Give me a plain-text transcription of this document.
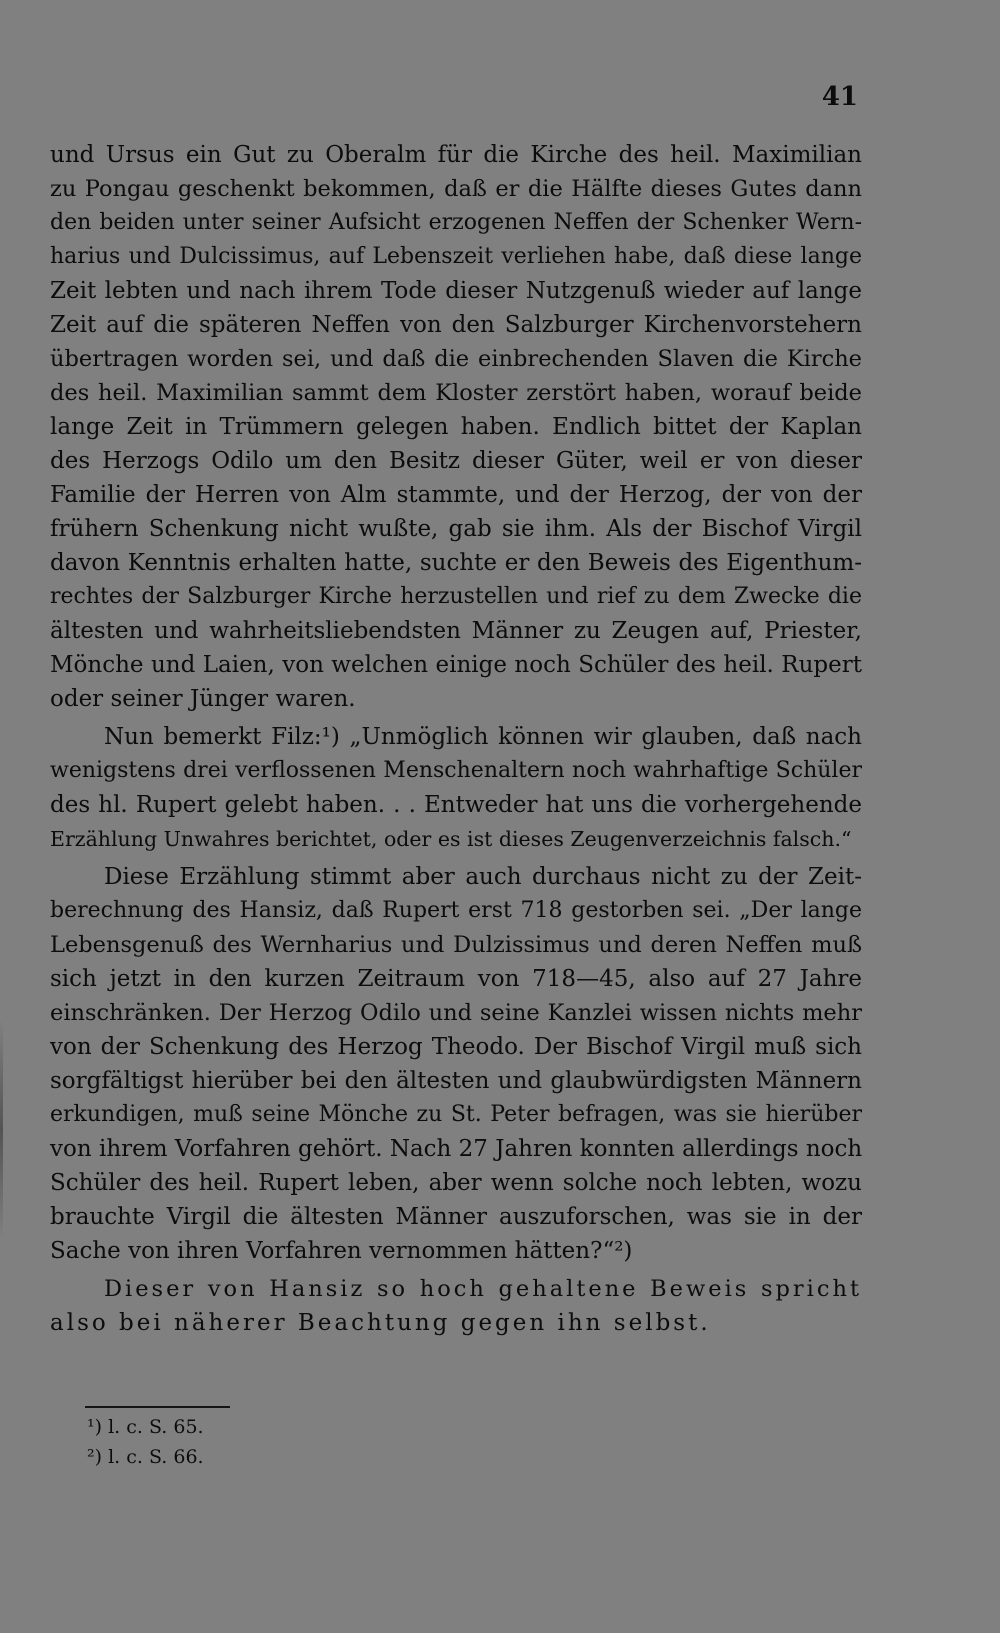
41
und Ursus ein Gut zu Oberalm für die Kirche des heil. Maximilian
zu Pongau geschenkt bekommen, daß er die Hälfte dieses Gutes dann
den beiden unter seiner Aufsicht erzogenen Neffen der Schenker Wern-
harius und Dulcissimus, auf Lebenszeit verliehen habe, daß diese lange
Zeit lebten und nach ihrem Tode dieser Nutzgenuß wieder auf lange
Zeit auf die späteren Neffen von den Salzburger Kirchenvorstehern
übertragen worden sei, und daß die einbrechenden Slaven die Kirche
des heil. Maximilian sammt dem Kloster zerstört haben, worauf beide
lange Zeit in Trümmern gelegen haben. Endlich bittet der Kaplan
des Herzogs Odilo um den Besitz dieser Güter, weil er von dieser
Familie der Herren von Alm stammte, und der Herzog, der von der
frühern Schenkung nicht wußte, gab sie ihm. Als der Bischof Virgil
davon Kenntnis erhalten hatte, suchte er den Beweis des Eigenthum-
rechtes der Salzburger Kirche herzustellen und rief zu dem Zwecke die
ältesten und wahrheitsliebendsten Männer zu Zeugen auf, Priester,
Mönche und Laien, von welchen einige noch Schüler des heil. Rupert
oder seiner Jünger waren.
Nun bemerkt Filz:¹) „Unmöglich können wir glauben, daß nach
wenigstens drei verflossenen Menschenaltern noch wahrhaftige Schüler
des hl. Rupert gelebt haben. . . Entweder hat uns die vorhergehende
Erzählung Unwahres berichtet, oder es ist dieses Zeugenverzeichnis falsch.“
Diese Erzählung stimmt aber auch durchaus nicht zu der Zeit-
berechnung des Hansiz, daß Rupert erst 718 gestorben sei. „Der lange
Lebensgenuß des Wernharius und Dulzissimus und deren Neffen muß
sich jetzt in den kurzen Zeitraum von 718—45, also auf 27 Jahre
einschränken. Der Herzog Odilo und seine Kanzlei wissen nichts mehr
von der Schenkung des Herzog Theodo. Der Bischof Virgil muß sich
sorgfältigst hierüber bei den ältesten und glaubwürdigsten Männern
erkundigen, muß seine Mönche zu St. Peter befragen, was sie hierüber
von ihrem Vorfahren gehört. Nach 27 Jahren konnten allerdings noch
Schüler des heil. Rupert leben, aber wenn solche noch lebten, wozu
brauchte Virgil die ältesten Männer auszuforschen, was sie in der
Sache von ihren Vorfahren vernommen hätten?“²)
Dieser von Hansiz so hoch gehaltene Beweis spricht
also bei näherer Beachtung gegen ihn selbst.
¹) l. c. S. 65.
²) l. c. S. 66.
